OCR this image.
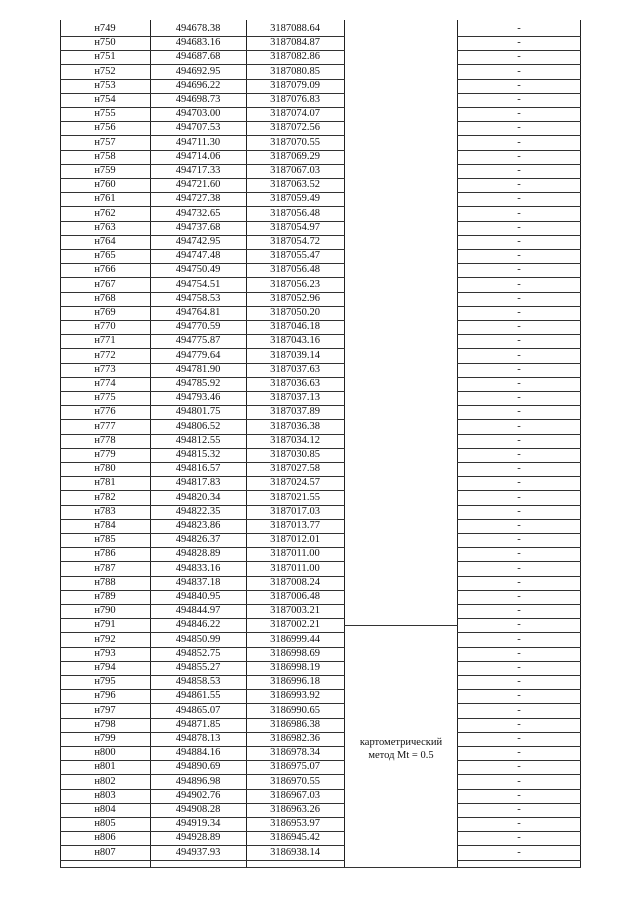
н749	494678.38	3187088.64	-
н750	494683.16	3187084.87	-
н751	494687.68	3187082.86	-
н752	494692.95	3187080.85	-
н753	494696.22	3187079.09	-
н754	494698.73	3187076.83	-
н755	494703.00	3187074.07	-
н756	494707.53	3187072.56	-
н757	494711.30	3187070.55	-
н758	494714.06	3187069.29	-
н759	494717.33	3187067.03	-
н760	494721.60	3187063.52	-
н761	494727.38	3187059.49	-
н762	494732.65	3187056.48	-
н763	494737.68	3187054.97	-
н764	494742.95	3187054.72	-
н765	494747.48	3187055.47	-
н766	494750.49	3187056.48	-
н767	494754.51	3187056.23	-
н768	494758.53	3187052.96	-
н769	494764.81	3187050.20	-
н770	494770.59	3187046.18	-
н771	494775.87	3187043.16	-
н772	494779.64	3187039.14	-
н773	494781.90	3187037.63	-
н774	494785.92	3187036.63	-
н775	494793.46	3187037.13	-
н776	494801.75	3187037.89	-
н777	494806.52	3187036.38	-
н778	494812.55	3187034.12	-
н779	494815.32	3187030.85	-
н780	494816.57	3187027.58	-
н781	494817.83	3187024.57	-
н782	494820.34	3187021.55	-
н783	494822.35	3187017.03	-
н784	494823.86	3187013.77	-
н785	494826.37	3187012.01	-
н786	494828.89	3187011.00	-
н787	494833.16	3187011.00	-
н788	494837.18	3187008.24	-
н789	494840.95	3187006.48	-
н790	494844.97	3187003.21	-
н791	494846.22	3187002.21	-
н792	494850.99	3186999.44	-
н793	494852.75	3186998.69	-
н794	494855.27	3186998.19	-
н795	494858.53	3186996.18	-
н796	494861.55	3186993.92	-
н797	494865.07	3186990.65	-
н798	494871.85	3186986.38	-
н799	494878.13	3186982.36	-
н800	494884.16	3186978.34	-
н801	494890.69	3186975.07	-
н802	494896.98	3186970.55	-
н803	494902.76	3186967.03	-
н804	494908.28	3186963.26	-
н805	494919.34	3186953.97	-
н806	494928.89	3186945.42	-
н807	494937.93	3186938.14	-
картометрический метод Mt = 0.5
